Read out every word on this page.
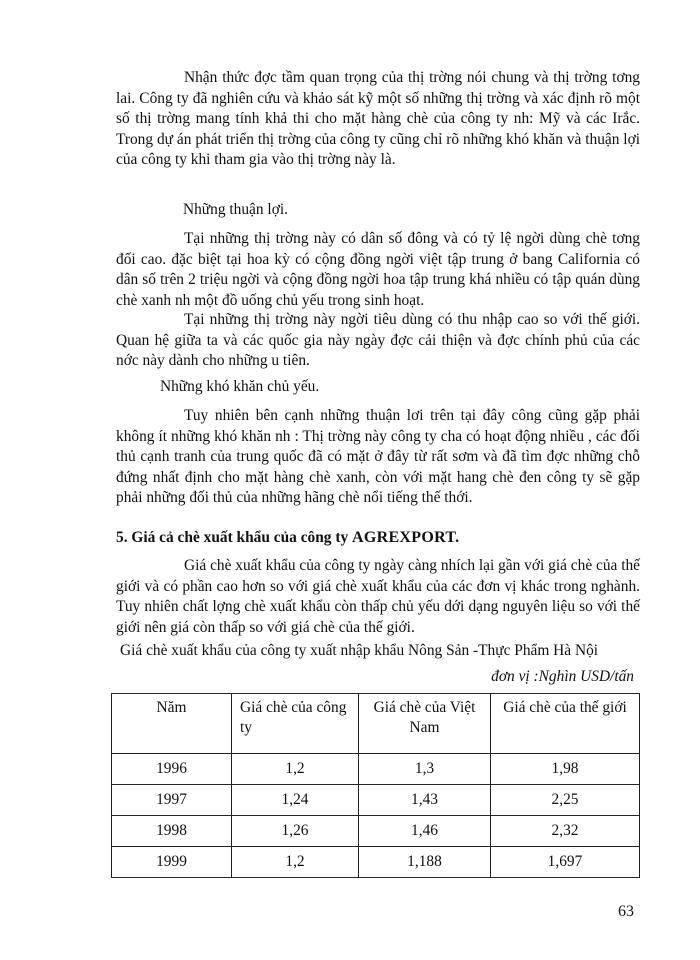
Nhận thức đợc tầm quan trọng của thị trờng nói chung và thị trờng tơng lai. Công ty đã nghiên cứu và khảo sát kỹ một số những thị trờng và xác định rõ một số thị trờng mang tính khả thi cho mặt hàng chè của công ty nh: Mỹ và các Irắc. Trong dự án phát triển thị trờng của công ty cũng chỉ rõ những khó khăn và thuận lợi của công ty khi tham gia vào thị trờng này là.

Những thuận lợi.

Tại những thị trờng này có dân số đông và có tỷ lệ ngời dùng chè tơng đối cao. đặc biệt tại hoa kỳ có cộng đồng ngời việt tập trung ở bang California có dân số trên 2 triệu ngời và cộng đồng ngời hoa tập trung khá nhiều có tập quán dùng chè xanh nh một đồ uống chủ yếu trong sinh hoạt.

Tại những thị trờng này ngời tiêu dùng có thu nhập cao so với thế giới. Quan hệ giữa ta và các quốc gia này ngày đợc cải thiện và đợc chính phủ của các nớc này dành cho những u tiên.

Những khó khăn chủ yếu.

Tuy nhiên bên cạnh những thuận lơi trên tại đây công cũng gặp phải không ít những khó khăn nh : Thị trờng này công ty cha có hoạt động nhiều , các đối thủ cạnh tranh của trung quốc đã có mặt ở đây từ rất sơm và đã tìm đợc những chỗ đứng nhất định cho mặt hàng chè xanh, còn với mặt hang chè đen công ty sẽ gặp phải những đối thủ của những hãng chè nổi tiếng thế thới.

5. Giá cả chè xuất khẩu của công ty AGREXPORT.

Giá chè xuất khẩu của công ty ngày càng nhích lại gần với giá chè của thế giới và có phần cao hơn so với giá chè xuất khẩu của các đơn vị khác trong nghành. Tuy nhiên chất lợng chè xuất khẩu còn thấp chủ yếu dới dạng nguyên liệu so với thế giới nên giá còn thấp so với giá chè của thế giới.

Giá chè xuất khẩu của công ty xuất nhập khẩu Nông Sản -Thực Phẩm Hà Nội

đơn vị :Nghìn USD/tấn

Năm	Giá chè của công ty	Giá chè của Việt Nam	Giá chè của thế giới
1996	1,2	1,3	1,98
1997	1,24	1,43	2,25
1998	1,26	1,46	2,32
1999	1,2	1,188	1,697

63
